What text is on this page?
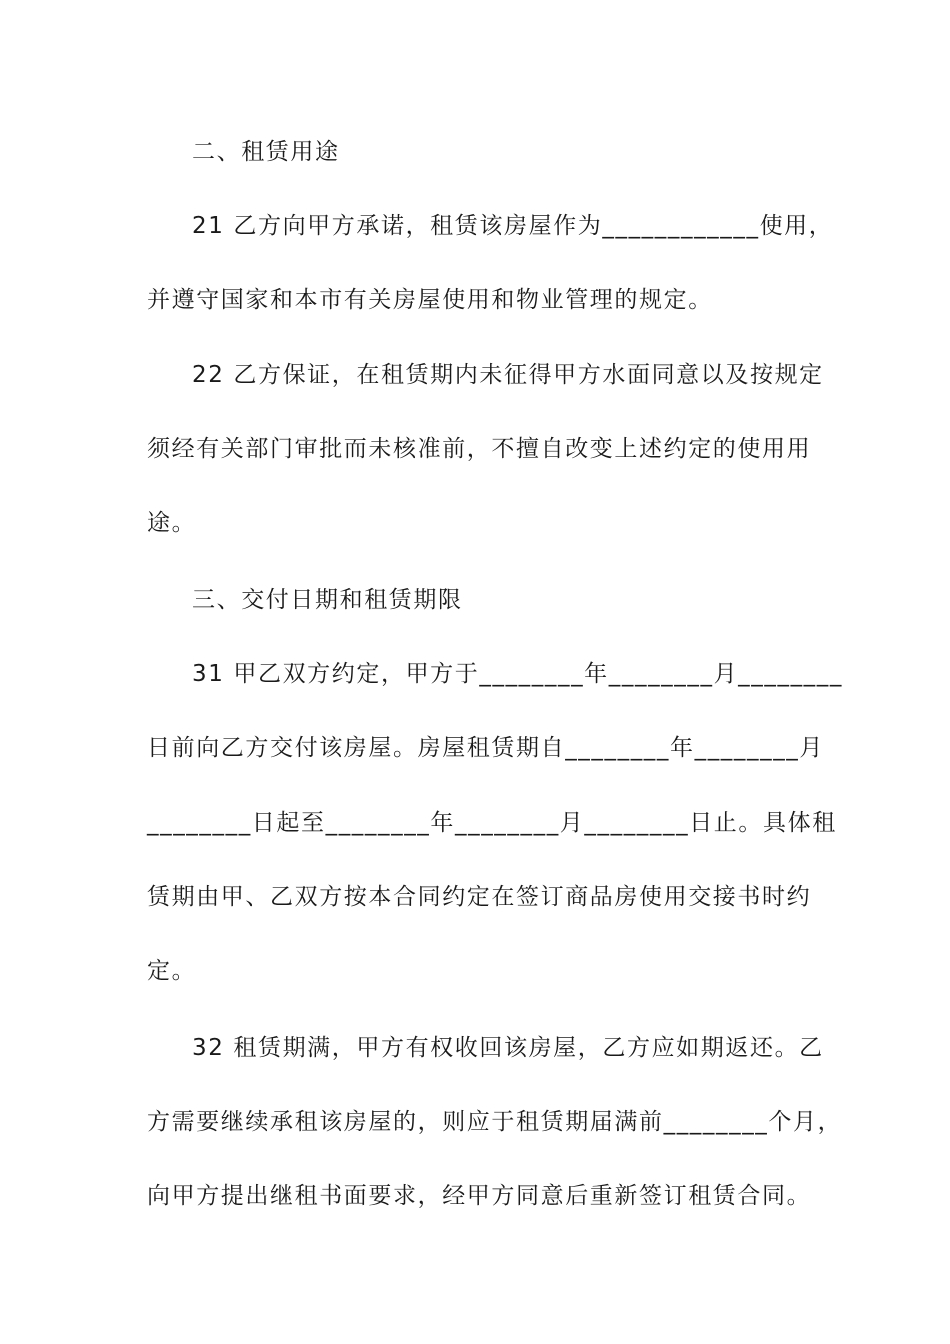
二、租赁用途
21 乙方向甲方承诺，租赁该房屋作为____________使用，
并遵守国家和本市有关房屋使用和物业管理的规定。
22 乙方保证，在租赁期内未征得甲方水面同意以及按规定
须经有关部门审批而未核准前，不擅自改变上述约定的使用用
途。
三、交付日期和租赁期限
31 甲乙双方约定，甲方于________年________月________
日前向乙方交付该房屋。房屋租赁期自________年________月
________日起至________年________月________日止。具体租
赁期由甲、乙双方按本合同约定在签订商品房使用交接书时约
定。
32 租赁期满，甲方有权收回该房屋，乙方应如期返还。乙
方需要继续承租该房屋的，则应于租赁期届满前________个月，
向甲方提出继租书面要求，经甲方同意后重新签订租赁合同。
